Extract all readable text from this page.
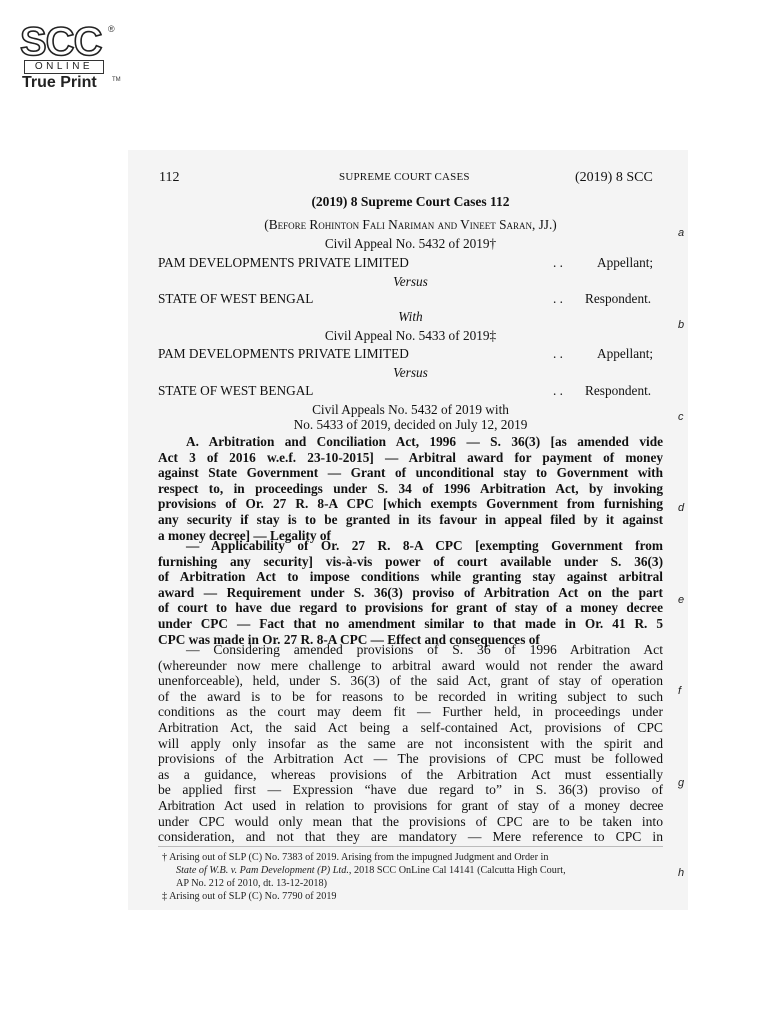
SCC ®
ONLINE
True Print	TM
112	SUPREME COURT CASES	(2019) 8 SCC
(2019) 8 Supreme Court Cases 112
(Before Rohinton Fali Nariman and Vineet Saran, JJ.)
Civil Appeal No. 5432 of 2019†
PAM DEVELOPMENTS PRIVATE LIMITED	. .	Appellant;
Versus
STATE OF WEST BENGAL	. . Respondent.
With
Civil Appeal No. 5433 of 2019‡
PAM DEVELOPMENTS PRIVATE LIMITED	. .	Appellant;
Versus
STATE OF WEST BENGAL	. . Respondent.
Civil Appeals No. 5432 of 2019 with
No. 5433 of 2019, decided on July 12, 2019
A. Arbitration and Conciliation Act, 1996 — S. 36(3) [as amended vide
Act 3 of 2016 w.e.f. 23-10-2015] — Arbitral award for payment of money
against State Government — Grant of unconditional stay to Government with
respect to, in proceedings under S. 34 of 1996 Arbitration Act, by invoking
provisions of Or. 27 R. 8-A CPC [which exempts Government from furnishing
any security if stay is to be granted in its favour in appeal filed by it against
a money decree] — Legality of
— Applicability of Or. 27 R. 8-A CPC [exempting Government from
furnishing any security] vis-à-vis power of court available under S. 36(3)
of Arbitration Act to impose conditions while granting stay against arbitral
award — Requirement under S. 36(3) proviso of Arbitration Act on the part
of court to have due regard to provisions for grant of stay of a money decree
under CPC — Fact that no amendment similar to that made in Or. 41 R. 5
CPC was made in Or. 27 R. 8-A CPC — Effect and consequences of
— Considering amended provisions of S. 36 of 1996 Arbitration Act
(whereunder now mere challenge to arbitral award would not render the award
unenforceable), held, under S. 36(3) of the said Act, grant of stay of operation
of the award is to be for reasons to be recorded in writing subject to such
conditions as the court may deem fit — Further held, in proceedings under
Arbitration Act, the said Act being a self-contained Act, provisions of CPC
will apply only insofar as the same are not inconsistent with the spirit and
provisions of the Arbitration Act — The provisions of CPC must be followed
as a guidance, whereas provisions of the Arbitration Act must essentially
be applied first — Expression “have due regard to” in S. 36(3) proviso of
Arbitration Act used in relation to provisions for grant of stay of a money decree
under CPC would only mean that the provisions of CPC are to be taken into
consideration, and not that they are mandatory — Mere reference to CPC in
† Arising out of SLP (C) No. 7383 of 2019. Arising from the impugned Judgment and Order in
State of W.B. v. Pam Development (P) Ltd., 2018 SCC OnLine Cal 14141 (Calcutta High Court,
AP No. 212 of 2010, dt. 13-12-2018)
‡ Arising out of SLP (C) No. 7790 of 2019
a
b
c
d
e
f
g
h
